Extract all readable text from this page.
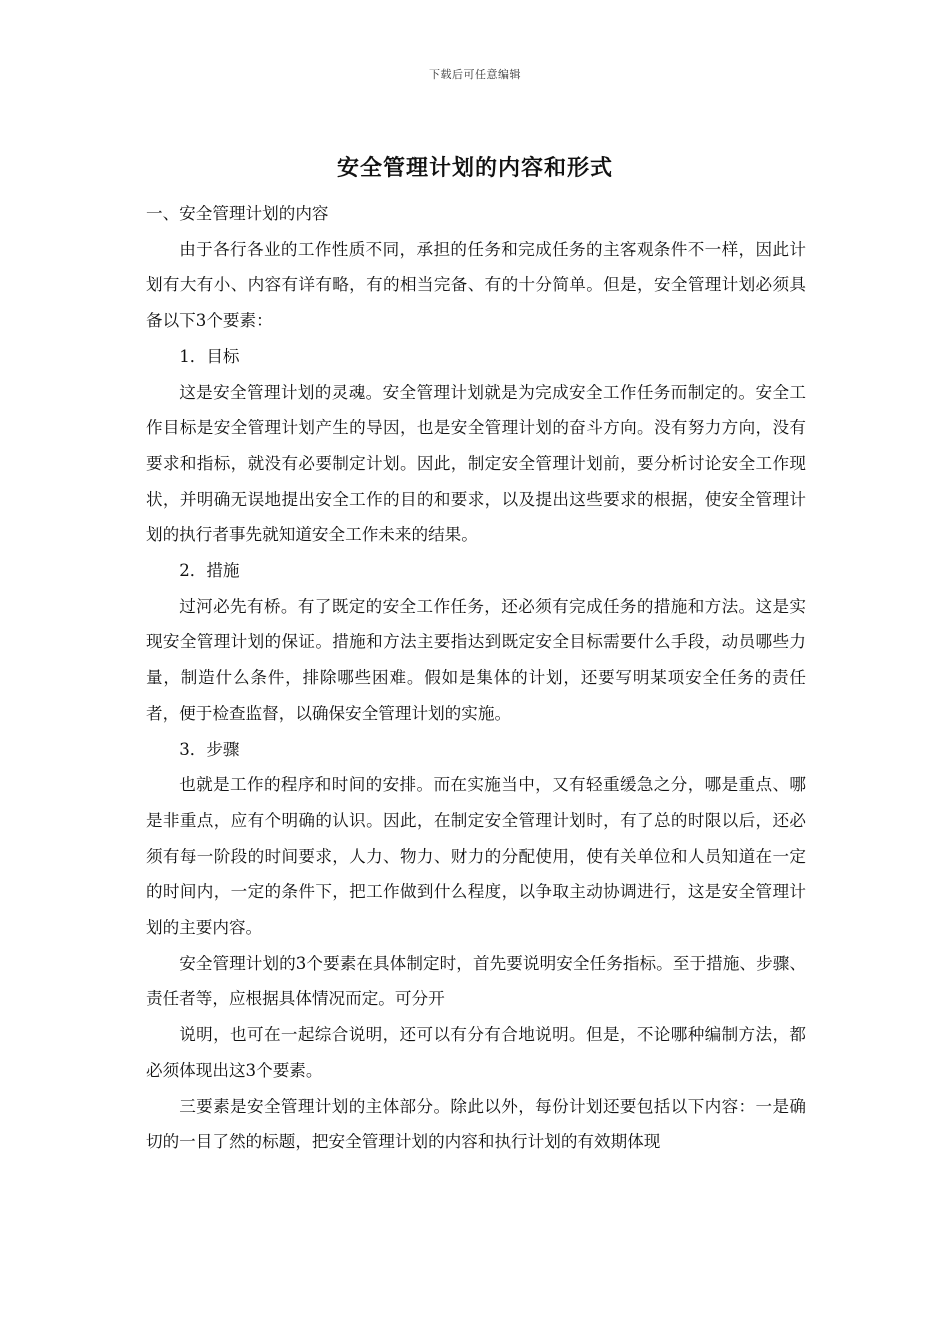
下载后可任意编辑
安全管理计划的内容和形式

一、安全管理计划的内容

由于各行各业的工作性质不同，承担的任务和完成任务的主客观条件不一样，因此计划有大有小、内容有详有略，有的相当完备、有的十分简单。但是，安全管理计划必须具备以下3个要素：

1．目标

这是安全管理计划的灵魂。安全管理计划就是为完成安全工作任务而制定的。安全工作目标是安全管理计划产生的导因，也是安全管理计划的奋斗方向。没有努力方向，没有要求和指标，就没有必要制定计划。因此，制定安全管理计划前，要分析讨论安全工作现状，并明确无误地提出安全工作的目的和要求，以及提出这些要求的根据，使安全管理计划的执行者事先就知道安全工作未来的结果。

2．措施

过河必先有桥。有了既定的安全工作任务，还必须有完成任务的措施和方法。这是实现安全管理计划的保证。措施和方法主要指达到既定安全目标需要什么手段，动员哪些力量，制造什么条件，排除哪些困难。假如是集体的计划，还要写明某项安全任务的责任者，便于检查监督，以确保安全管理计划的实施。

3．步骤

也就是工作的程序和时间的安排。而在实施当中，又有轻重缓急之分，哪是重点、哪是非重点，应有个明确的认识。因此，在制定安全管理计划时，有了总的时限以后，还必须有每一阶段的时间要求，人力、物力、财力的分配使用，使有关单位和人员知道在一定的时间内，一定的条件下，把工作做到什么程度，以争取主动协调进行，这是安全管理计划的主要内容。

安全管理计划的3个要素在具体制定时，首先要说明安全任务指标。至于措施、步骤、责任者等，应根据具体情况而定。可分开

说明，也可在一起综合说明，还可以有分有合地说明。但是，不论哪种编制方法，都必须体现出这3个要素。

三要素是安全管理计划的主体部分。除此以外，每份计划还要包括以下内容：一是确切的一目了然的标题，把安全管理计划的内容和执行计划的有效期体现
